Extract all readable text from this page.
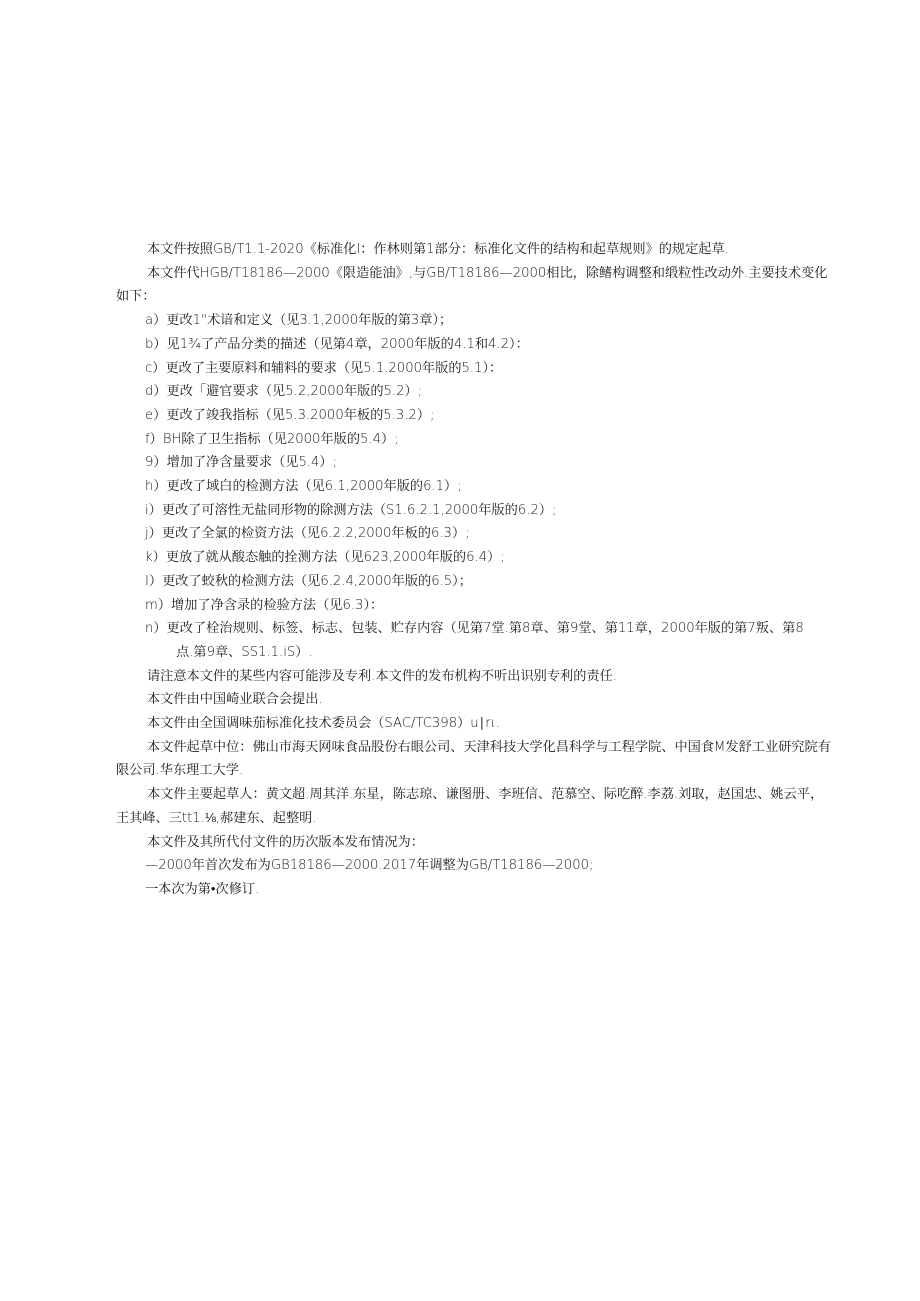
本文件按照GB/T1.1-2020《标准化I：作林则第1部分：标准化文件的结构和起草规则》的规定起草.

本文件代HGB/T18186—2000《限造能油》,与GB/T18186—2000相比，除鳍构调整和缎粒性改动外.主要技术变化如下：

a）更改1"术谙和定义（见3.1,2000年版的第3章）；

b）见1¾了产品分类的描述（见第4章，2000年版的4.1和4.2）：

c）更改了主要原料和辅料的要求（见5.1.2000年版的5.1）：

d）更改「避官要求（见5.2,2000年版的5.2）;

e）更改了竣我指标（见5.3.2000年板的5.3.2）;

f）BH除了卫生指标（见2000年版的5.4）;

9）增加了净含量要求（见5.4）;

h）更改了域白的检测方法（见6.1,2000年版的6.1）;

i）更改了可溶性无盐同形物的除测方法（S1.6.2.1,2000年版的6.2）;

j）更改了全氯的检资方法（见6.2.2,2000年板的6.3）;

k）更放了就从酸态触的拴测方法（见623,2000年版的6.4）;

I）更改了蛟秋的检测方法（见6.2.4,2000年版的6.5）；

m）增加了净含录的检验方法（见6.3）：

n）更改了栓治规则、标签、标志、包装、贮存内容（见第7堂.第8章、第9堂、第11章，2000年版的第7叛、第8
点.第9章、SS1.1.iS）.

请注意本文件的某些内容可能涉及专利.本文件的发布机构不听出识别专利的责任.

本文件由中国崎业联合会提出.

本文件由全国调味茄标准化技术委员会（SAC/TC398）u∣rι.

本文件起草中位：佛山市海天网味食品股份右眼公司、天津科技大学化昌科学与工程学院、中国食M发舒工业研究院有限公司.华东理工大学.

本文件主要起草人：黄文超.周其洋.东星，陈志琼、谦图册、李班信、范慕空、际吃醉.李荔.刘取，赵国忠、姚云平，王其峰、三tt1.⅛,郝建东、起整明.

本文件及其所代付文件的历次版本发布情况为：

—2000年首次发布为GB18186—2000.2017年调整为GB/T18186—2000;

一本次为第•次修订.
